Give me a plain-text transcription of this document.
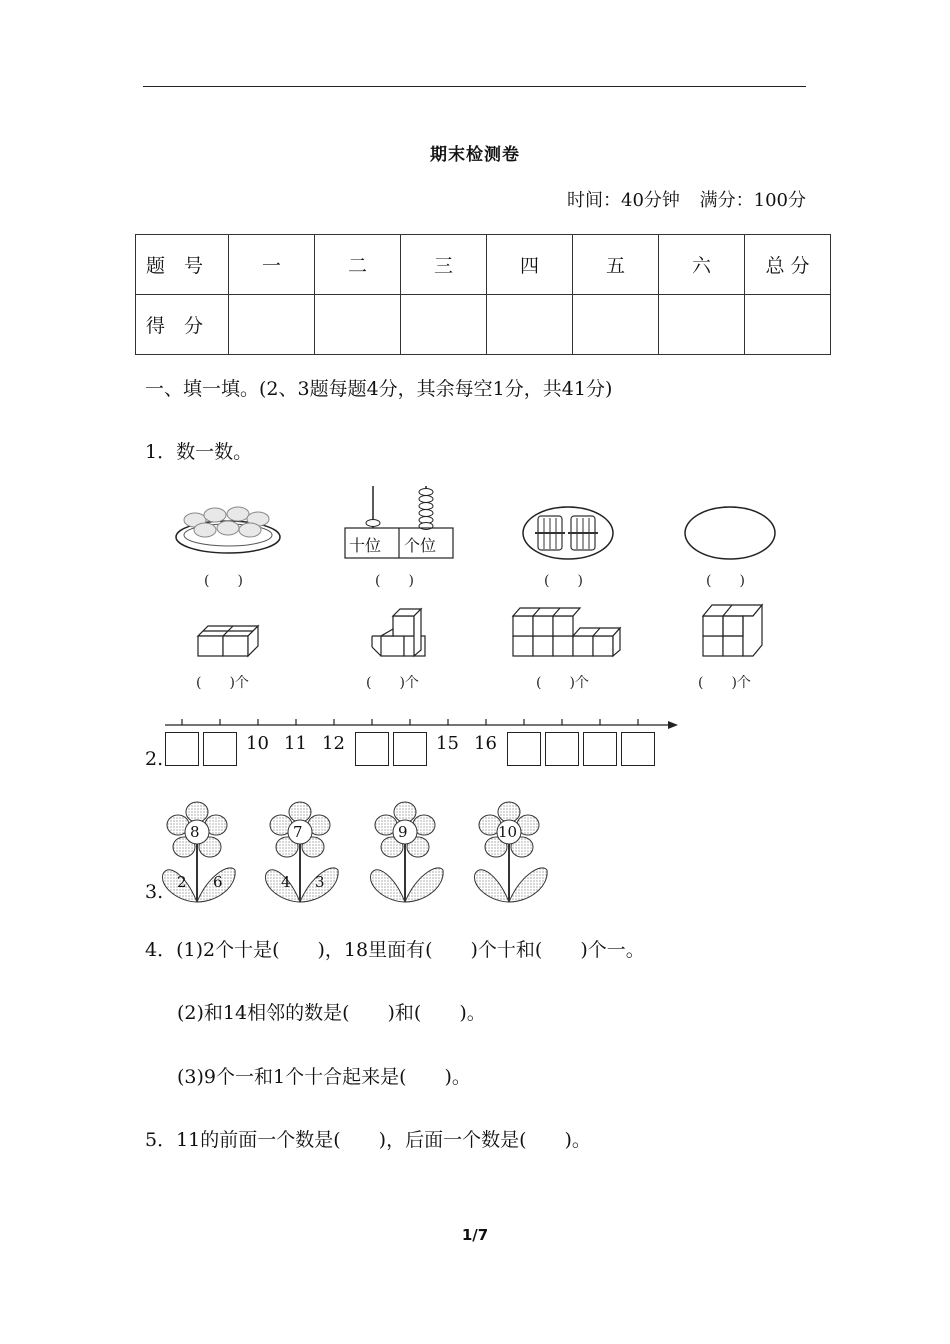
期末检测卷
时间：40分钟 满分：100分
题　号	一	二	三	四	五	六	总 分
得　分							
一、填一填。(2、3题每题4分，其余每空1分，共41分)
1．数一数。
十位 个位
(　　)	(　　)	(　　)	(　　)
(　　)个	(　　)个	(　　)个	(　　)个
2.
10 11 12	15 16
3.
8
2 6
7
4 3
9	10
4．(1)2个十是(　　)，18里面有(　　)个十和(　　)个一。
(2)和14相邻的数是(　　)和(　　)。
(3)9个一和1个十合起来是(　　)。
5．11的前面一个数是(　　)，后面一个数是(　　)。
1/7
